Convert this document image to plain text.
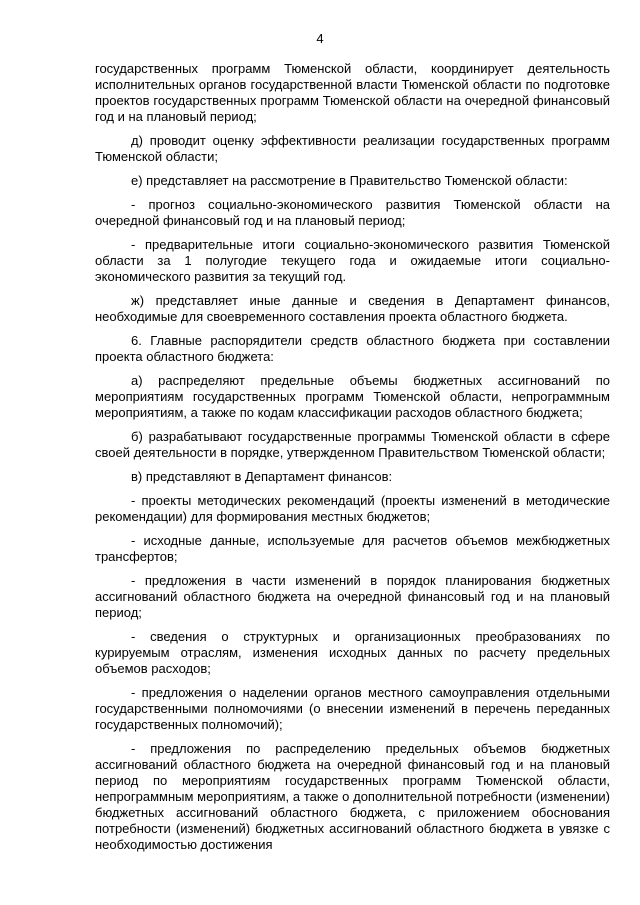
4

государственных программ Тюменской области, координирует деятельность исполнительных органов государственной власти Тюменской области по подготовке проектов государственных программ Тюменской области на очередной финансовый год и на плановый период;

д) проводит оценку эффективности реализации государственных программ Тюменской области;

е) представляет на рассмотрение в Правительство Тюменской области:

- прогноз социально-экономического развития Тюменской области на очередной финансовый год и на плановый период;

- предварительные итоги социально-экономического развития Тюменской области за 1 полугодие текущего года и ожидаемые итоги социально-экономического развития за текущий год.

ж) представляет иные данные и сведения в Департамент финансов, необходимые для своевременного составления проекта областного бюджета.

6. Главные распорядители средств областного бюджета при составлении проекта областного бюджета:

а) распределяют предельные объемы бюджетных ассигнований по мероприятиям государственных программ Тюменской области, непрограммным мероприятиям, а также по кодам классификации расходов областного бюджета;

б) разрабатывают государственные программы Тюменской области в сфере своей деятельности в порядке, утвержденном Правительством Тюменской области;

в) представляют в Департамент финансов:

- проекты методических рекомендаций (проекты изменений в методические рекомендации) для формирования местных бюджетов;

- исходные данные, используемые для расчетов объемов межбюджетных трансфертов;

- предложения в части изменений в порядок планирования бюджетных ассигнований областного бюджета на очередной финансовый год и на плановый период;

- сведения о структурных и организационных преобразованиях по курируемым отраслям, изменения исходных данных по расчету предельных объемов расходов;

- предложения о наделении органов местного самоуправления отдельными государственными полномочиями (о внесении изменений в перечень переданных государственных полномочий);

- предложения по распределению предельных объемов бюджетных ассигнований областного бюджета на очередной финансовый год и на плановый период по мероприятиям государственных программ Тюменской области, непрограммным мероприятиям, а также о дополнительной потребности (изменении) бюджетных ассигнований областного бюджета, с приложением обоснования потребности (изменений) бюджетных ассигнований областного бюджета в увязке с необходимостью достижения
